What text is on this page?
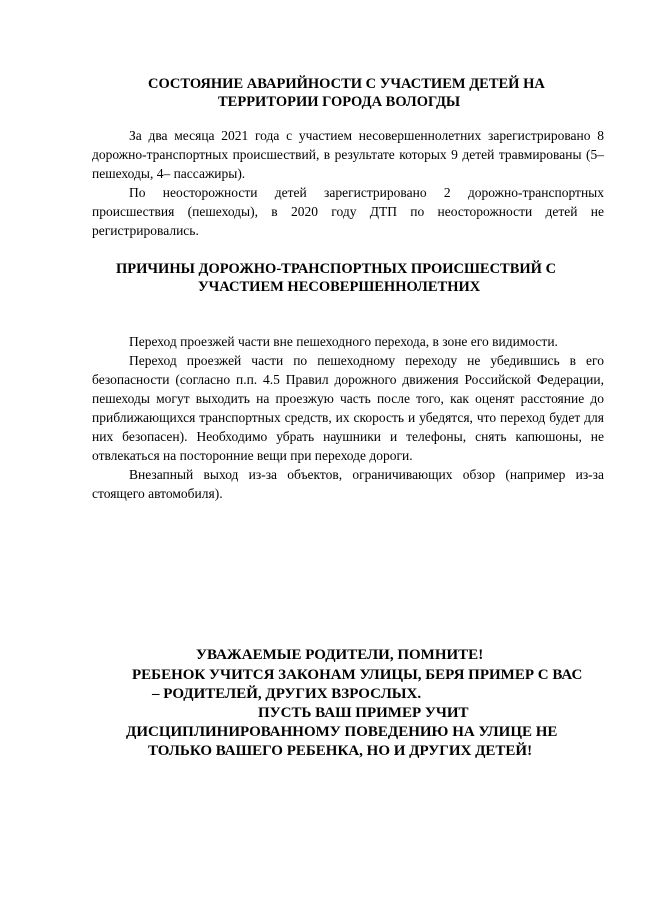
СОСТОЯНИЕ АВАРИЙНОСТИ С УЧАСТИЕМ ДЕТЕЙ НА
ТЕРРИТОРИИ ГОРОДА ВОЛОГДЫ

За два месяца 2021 года с участием несовершеннолетних зарегистрировано 8 дорожно-транспортных происшествий, в результате которых 9 детей травмированы (5– пешеходы, 4– пассажиры).

По неосторожности детей зарегистрировано 2 дорожно-транспортных происшествия (пешеходы), в 2020 году ДТП по неосторожности детей не регистрировались.

ПРИЧИНЫ ДОРОЖНО-ТРАНСПОРТНЫХ ПРОИСШЕСТВИЙ С
УЧАСТИЕМ НЕСОВЕРШЕННОЛЕТНИХ

Переход проезжей части вне пешеходного перехода, в зоне его видимости.

Переход проезжей части по пешеходному переходу не убедившись в его безопасности (согласно п.п. 4.5 Правил дорожного движения Российской Федерации, пешеходы могут выходить на проезжую часть после того, как оценят расстояние до приближающихся транспортных средств, их скорость и убедятся, что переход будет для них безопасен). Необходимо убрать наушники и телефоны, снять капюшоны, не отвлекаться на посторонние вещи при переходе дороги.

Внезапный выход из-за объектов, ограничивающих обзор (например из-за стоящего автомобиля).

УВАЖАЕМЫЕ РОДИТЕЛИ, ПОМНИТЕ!
РЕБЕНОК УЧИТСЯ ЗАКОНАМ УЛИЦЫ, БЕРЯ ПРИМЕР С ВАС
– РОДИТЕЛЕЙ, ДРУГИХ ВЗРОСЛЫХ.
ПУСТЬ ВАШ ПРИМЕР УЧИТ
ДИСЦИПЛИНИРОВАННОМУ ПОВЕДЕНИЮ НА УЛИЦЕ НЕ
ТОЛЬКО ВАШЕГО РЕБЕНКА, НО И ДРУГИХ ДЕТЕЙ!
